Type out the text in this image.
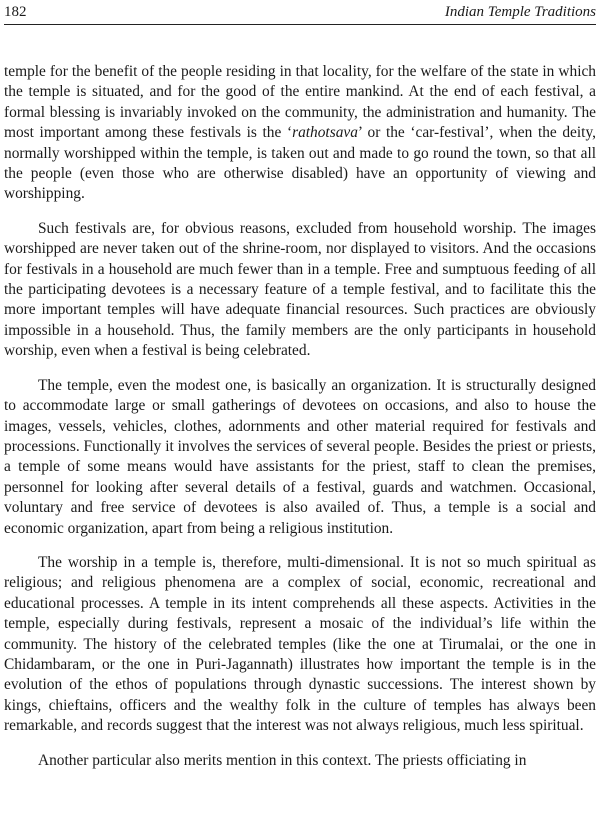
182	Indian Temple Traditions

temple for the benefit of the people residing in that locality, for the welfare of the state in which the temple is situated, and for the good of the entire mankind. At the end of each festival, a formal blessing is invariably invoked on the community, the administration and humanity. The most important among these festivals is the ‘rathotsava’ or the ‘car-festival’, when the deity, normally worshipped within the temple, is taken out and made to go round the town, so that all the people (even those who are otherwise disabled) have an opportunity of viewing and worshipping.

Such festivals are, for obvious reasons, excluded from household worship. The images worshipped are never taken out of the shrine-room, nor displayed to visitors. And the occasions for festivals in a household are much fewer than in a temple. Free and sumptuous feeding of all the participating devotees is a necessary feature of a temple festival, and to facilitate this the more important temples will have adequate financial resources. Such practices are obviously impossible in a household. Thus, the family members are the only participants in household worship, even when a festival is being celebrated.

The temple, even the modest one, is basically an organization. It is structurally designed to accommodate large or small gatherings of devotees on occasions, and also to house the images, vessels, vehicles, clothes, adornments and other material required for festivals and processions. Functionally it involves the services of several people. Besides the priest or priests, a temple of some means would have assistants for the priest, staff to clean the premises, personnel for looking after several details of a festival, guards and watchmen. Occasional, voluntary and free service of devotees is also availed of. Thus, a temple is a social and economic organization, apart from being a religious institution.

The worship in a temple is, therefore, multi-dimensional. It is not so much spiritual as religious; and religious phenomena are a complex of social, economic, recreational and educational processes. A temple in its intent comprehends all these aspects. Activities in the temple, especially during festivals, represent a mosaic of the individual’s life within the community. The history of the celebrated temples (like the one at Tirumalai, or the one in Chidambaram, or the one in Puri-Jagannath) illustrates how important the temple is in the evolution of the ethos of populations through dynastic successions. The interest shown by kings, chieftains, officers and the wealthy folk in the culture of temples has always been remarkable, and records suggest that the interest was not always religious, much less spiritual.

Another particular also merits mention in this context. The priests officiating in
